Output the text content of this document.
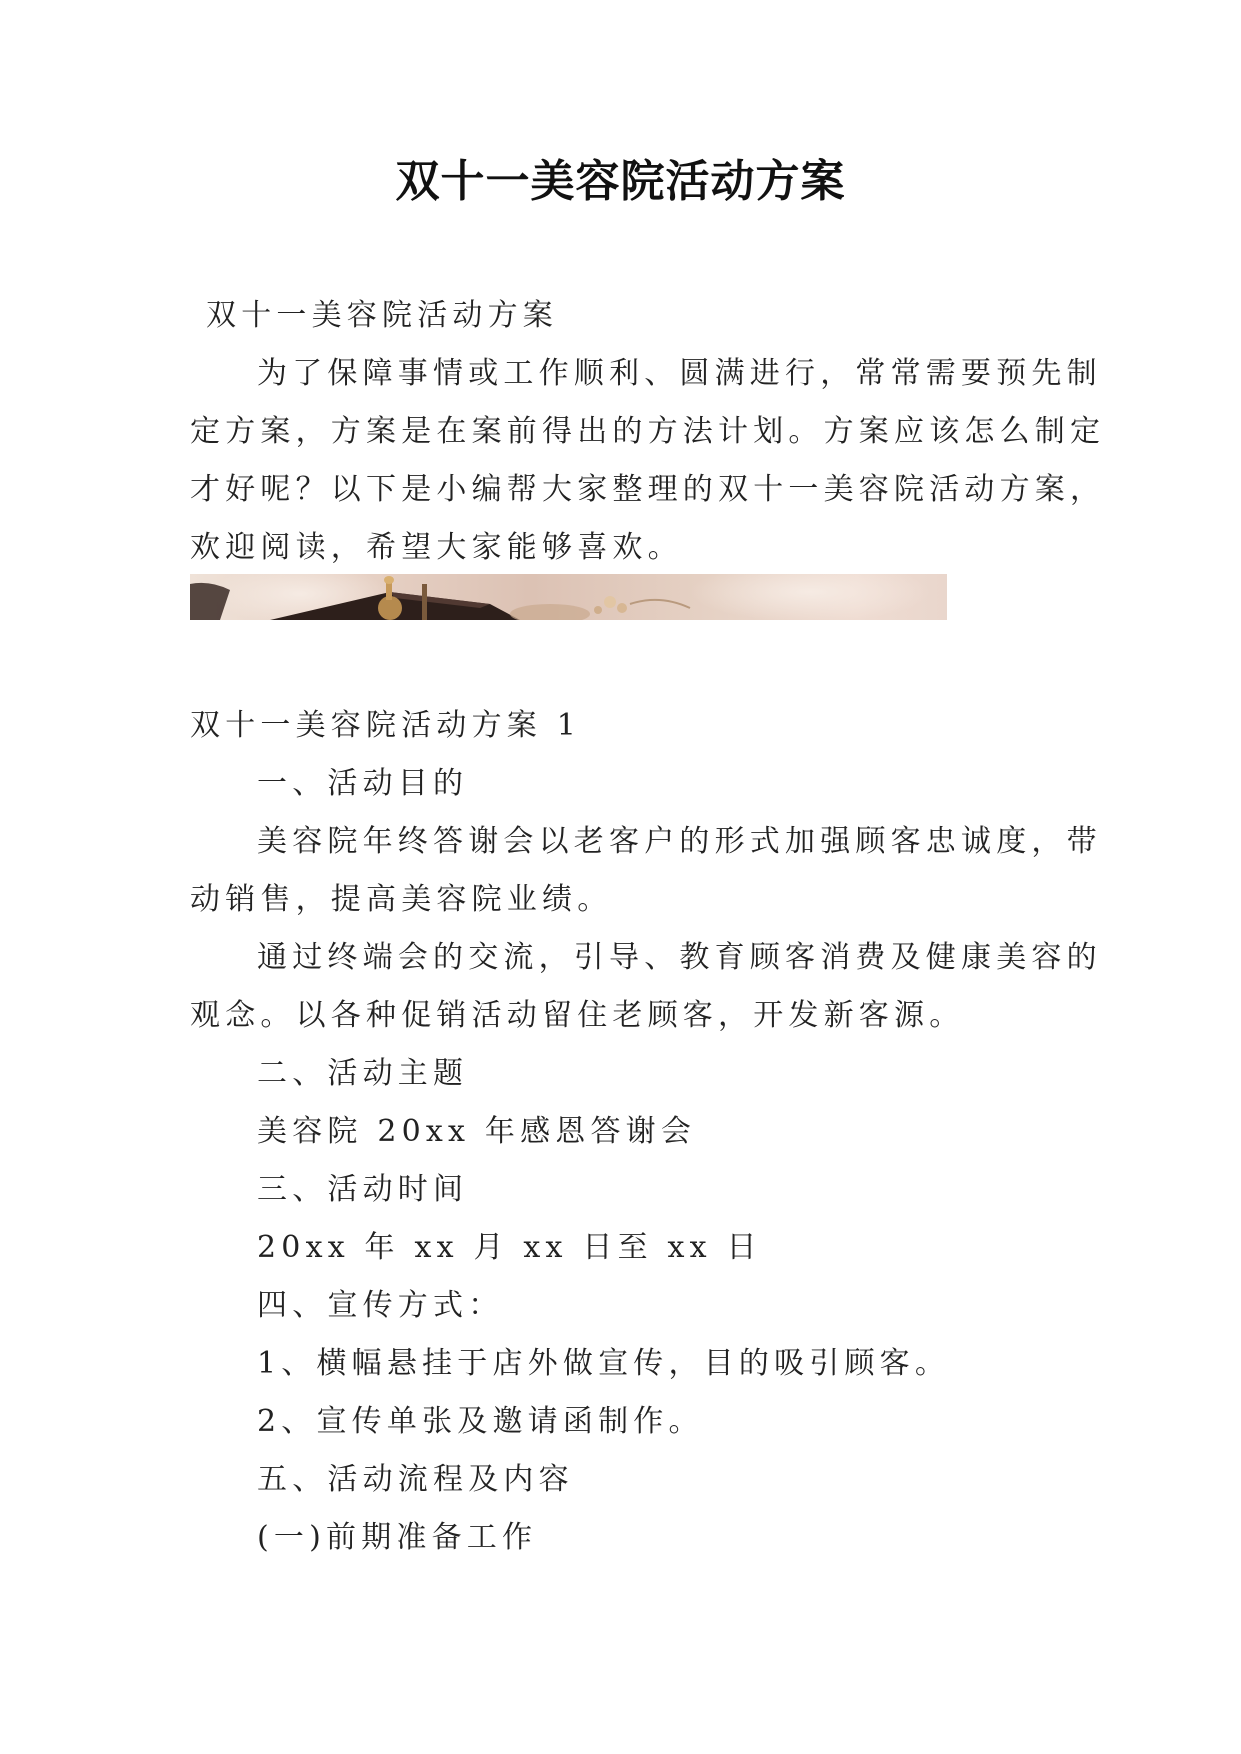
双十一美容院活动方案
双十一美容院活动方案
为了保障事情或工作顺利、圆满进行，常常需要预先制
定方案，方案是在案前得出的方法计划。方案应该怎么制定
才好呢？以下是小编帮大家整理的双十一美容院活动方案，
欢迎阅读，希望大家能够喜欢。
双十一美容院活动方案 1
一、活动目的
美容院年终答谢会以老客户的形式加强顾客忠诚度，带
动销售，提高美容院业绩。
通过终端会的交流，引导、教育顾客消费及健康美容的
观念。以各种促销活动留住老顾客，开发新客源。
二、活动主题
美容院 20xx 年感恩答谢会
三、活动时间
20xx 年 xx 月 xx 日至 xx 日
四、宣传方式：
1、横幅悬挂于店外做宣传，目的吸引顾客。
2、宣传单张及邀请函制作。
五、活动流程及内容
(一)前期准备工作
